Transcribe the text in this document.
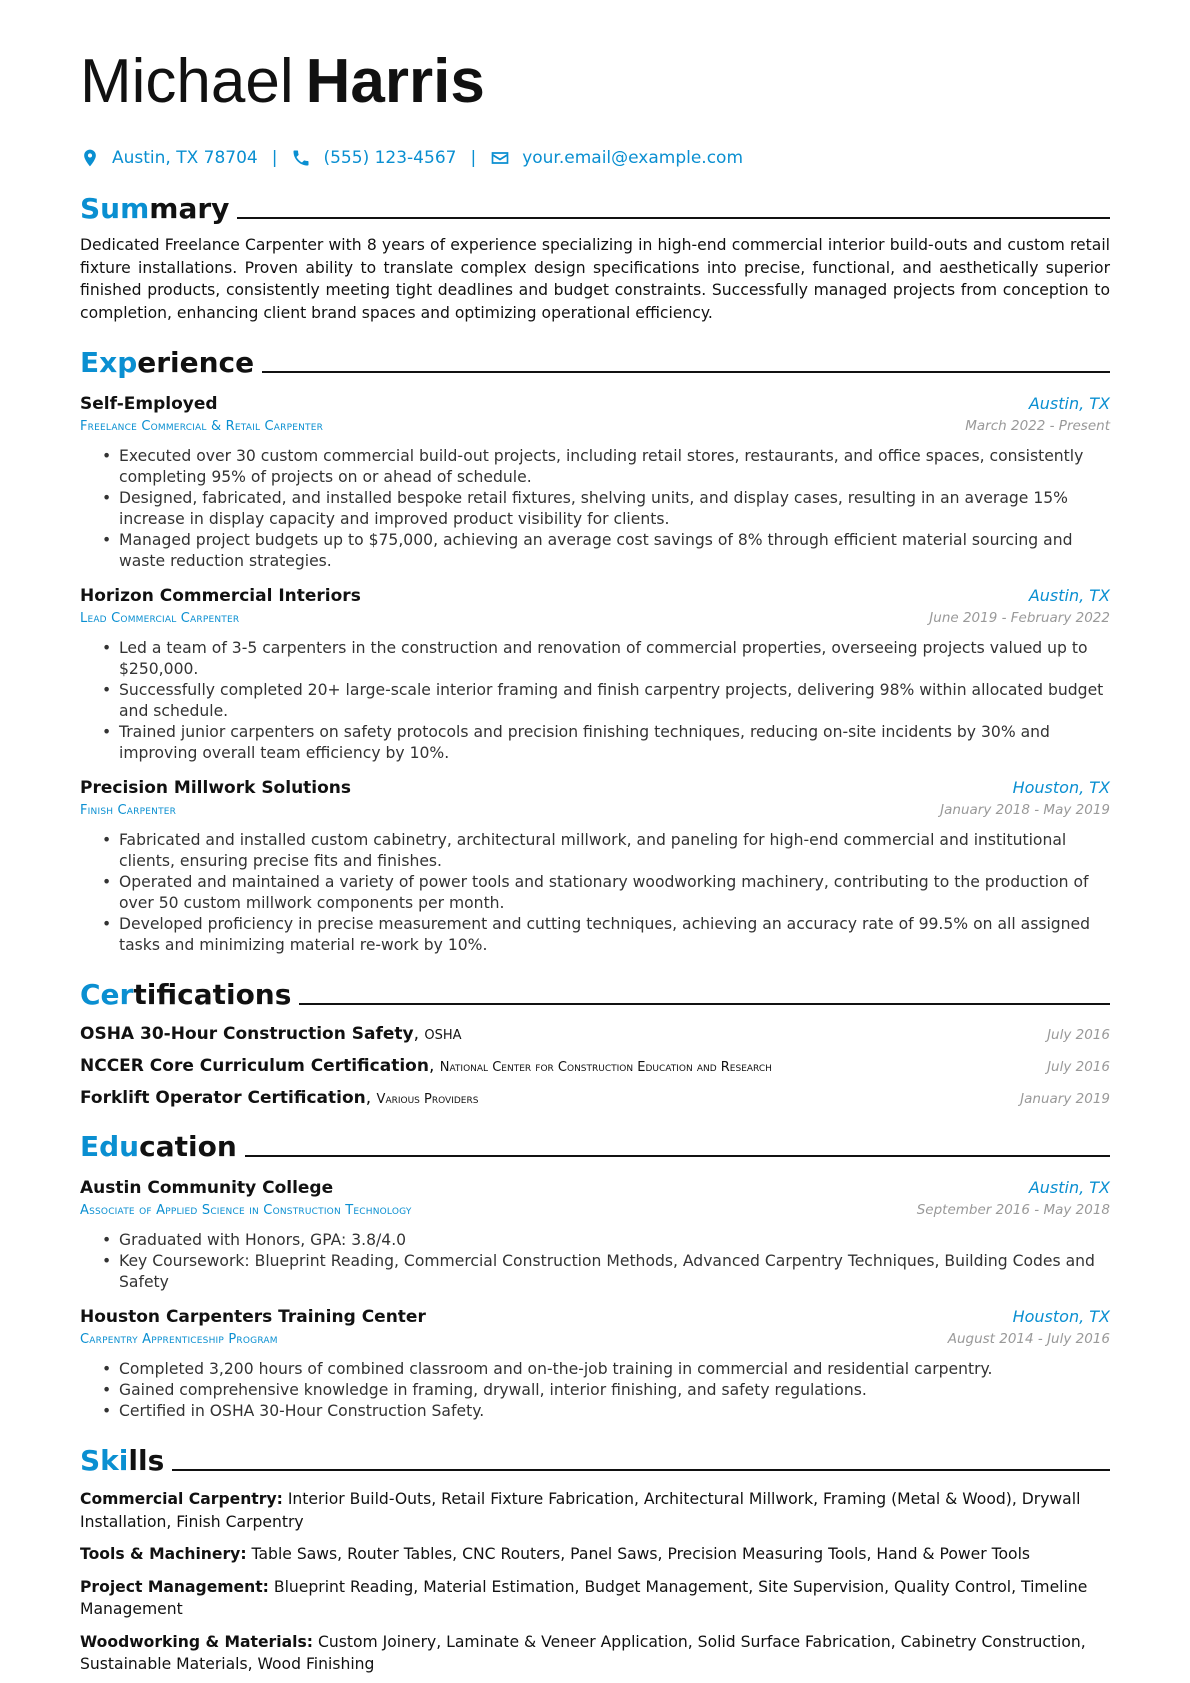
Michael Harris
Austin, TX 78704 |	(555) 123-4567 |	your.email@example.com
Summary

Dedicated Freelance Carpenter with 8 years of experience specializing in high-end commercial interior build-outs and custom retail fixture installations. Proven ability to translate complex design specifications into precise, functional, and aesthetically superior finished products, consistently meeting tight deadlines and budget constraints. Successfully managed projects from conception to completion, enhancing client brand spaces and optimizing operational efficiency.

Experience
Self-Employed	Austin, TX
Freelance Commercial & Retail Carpenter	March 2022 - Present
• Executed over 30 custom commercial build-out projects, including retail stores, restaurants, and office spaces, consistently completing 95% of projects on or ahead of schedule.
• Designed, fabricated, and installed bespoke retail fixtures, shelving units, and display cases, resulting in an average 15% increase in display capacity and improved product visibility for clients.
• Managed project budgets up to $75,000, achieving an average cost savings of 8% through efficient material sourcing and waste reduction strategies.
Horizon Commercial Interiors	Austin, TX
Lead Commercial Carpenter	June 2019 - February 2022
• Led a team of 3-5 carpenters in the construction and renovation of commercial properties, overseeing projects valued up to $250,000.
• Successfully completed 20+ large-scale interior framing and finish carpentry projects, delivering 98% within allocated budget and schedule.
• Trained junior carpenters on safety protocols and precision finishing techniques, reducing on-site incidents by 30% and improving overall team efficiency by 10%.
Precision Millwork Solutions	Houston, TX
Finish Carpenter	January 2018 - May 2019
• Fabricated and installed custom cabinetry, architectural millwork, and paneling for high-end commercial and institutional clients, ensuring precise fits and finishes.
• Operated and maintained a variety of power tools and stationary woodworking machinery, contributing to the production of over 50 custom millwork components per month.
• Developed proficiency in precise measurement and cutting techniques, achieving an accuracy rate of 99.5% on all assigned tasks and minimizing material re-work by 10%.
Certifications
OSHA 30-Hour Construction Safety, OSHA	July 2016
NCCER Core Curriculum Certification, National Center for Construction Education and Research	July 2016
Forklift Operator Certification, Various Providers	January 2019
Education
Austin Community College	Austin, TX
Associate of Applied Science in Construction Technology	September 2016 - May 2018
• Graduated with Honors, GPA: 3.8/4.0
• Key Coursework: Blueprint Reading, Commercial Construction Methods, Advanced Carpentry Techniques, Building Codes and Safety
Houston Carpenters Training Center	Houston, TX
Carpentry Apprenticeship Program	August 2014 - July 2016
• Completed 3,200 hours of combined classroom and on-the-job training in commercial and residential carpentry.
• Gained comprehensive knowledge in framing, drywall, interior finishing, and safety regulations.
• Certified in OSHA 30-Hour Construction Safety.
Skills
Commercial Carpentry: Interior Build-Outs, Retail Fixture Fabrication, Architectural Millwork, Framing (Metal & Wood), Drywall Installation, Finish Carpentry
Tools & Machinery: Table Saws, Router Tables, CNC Routers, Panel Saws, Precision Measuring Tools, Hand & Power Tools
Project Management: Blueprint Reading, Material Estimation, Budget Management, Site Supervision, Quality Control, Timeline Management
Woodworking & Materials: Custom Joinery, Laminate & Veneer Application, Solid Surface Fabrication, Cabinetry Construction, Sustainable Materials, Wood Finishing
